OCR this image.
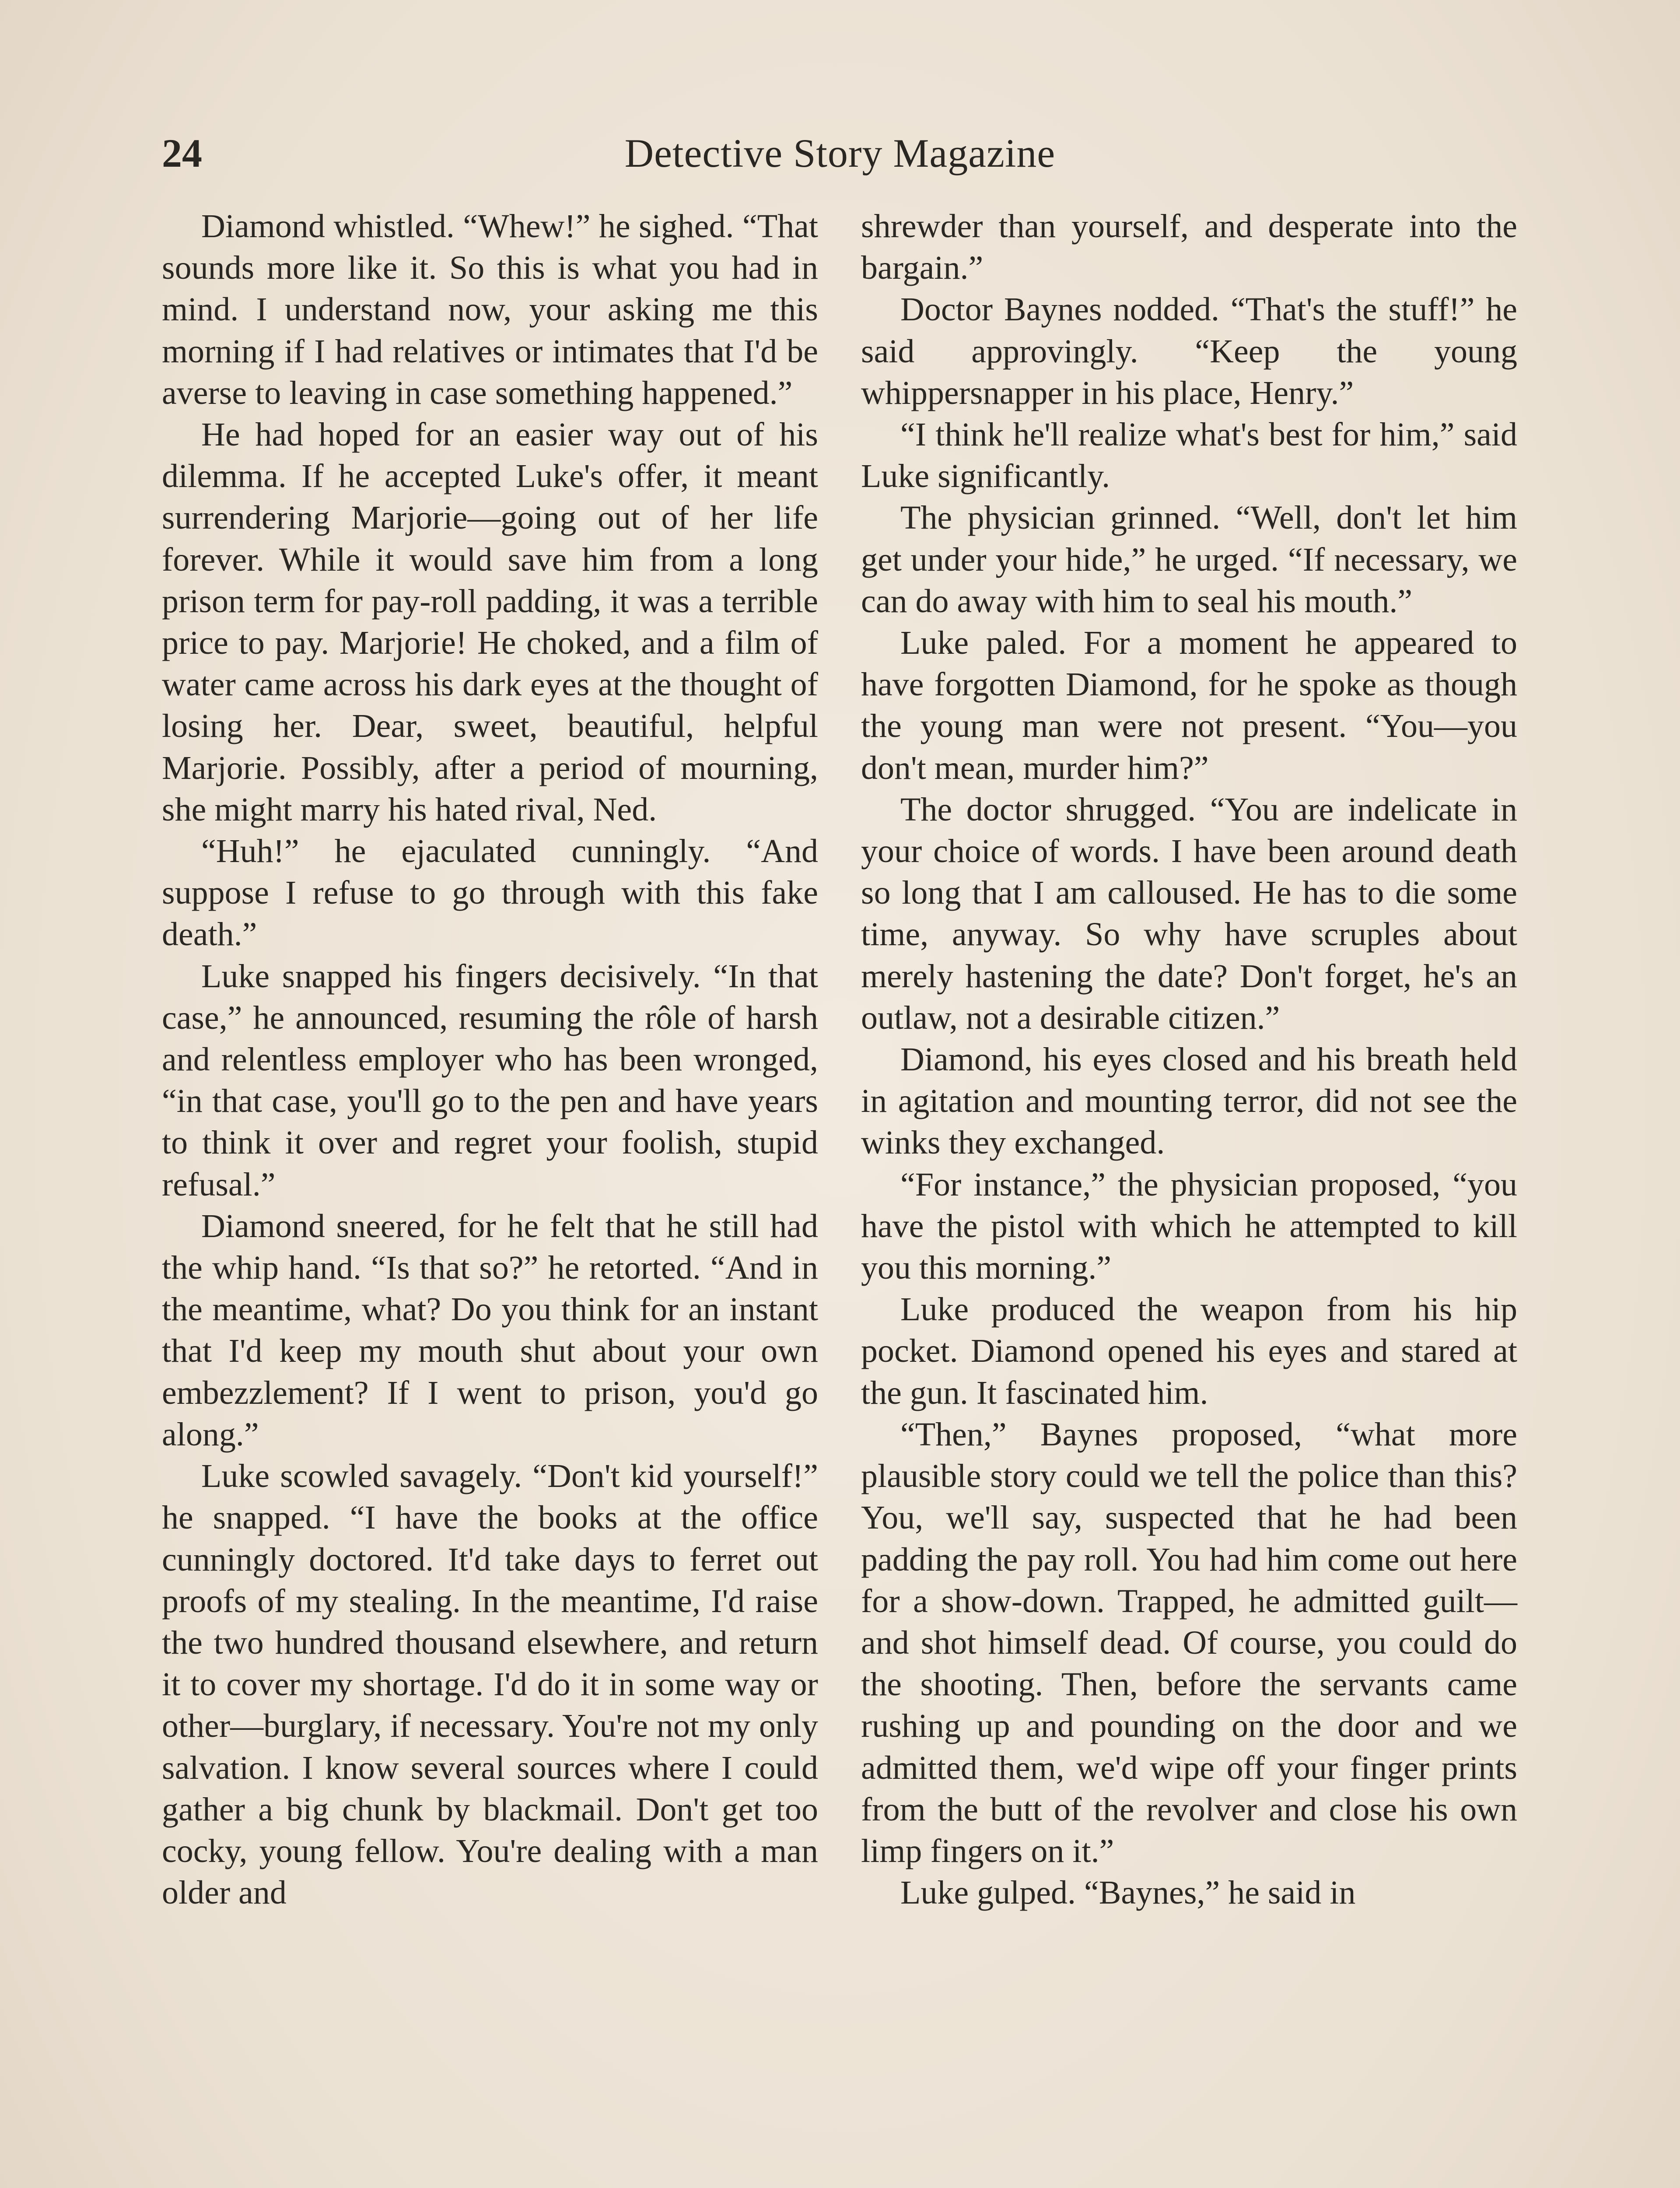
24	Detective Story Magazine

Diamond whistled. “Whew!” he sighed. “That sounds more like it. So this is what you had in mind. I understand now, your asking me this morning if I had relatives or intimates that I'd be averse to leaving in case something happened.”

He had hoped for an easier way out of his dilemma. If he accepted Luke's offer, it meant surrendering Marjorie—going out of her life forever. While it would save him from a long prison term for pay-roll padding, it was a terrible price to pay. Marjorie! He choked, and a film of water came across his dark eyes at the thought of losing her. Dear, sweet, beautiful, helpful Marjorie. Possibly, after a period of mourning, she might marry his hated rival, Ned.

“Huh!” he ejaculated cunningly. “And suppose I refuse to go through with this fake death.”

Luke snapped his fingers decisively. “In that case,” he announced, resuming the rôle of harsh and relentless employer who has been wronged, “in that case, you'll go to the pen and have years to think it over and regret your foolish, stupid refusal.”

Diamond sneered, for he felt that he still had the whip hand. “Is that so?” he retorted. “And in the meantime, what? Do you think for an instant that I'd keep my mouth shut about your own embezzlement? If I went to prison, you'd go along.”

Luke scowled savagely. “Don't kid yourself!” he snapped. “I have the books at the office cunningly doctored. It'd take days to ferret out proofs of my stealing. In the meantime, I'd raise the two hundred thousand elsewhere, and return it to cover my shortage. I'd do it in some way or other—burglary, if necessary. You're not my only salvation. I know several sources where I could gather a big chunk by blackmail. Don't get too cocky, young fellow. You're dealing with a man older and

shrewder than yourself, and desperate into the bargain.”

Doctor Baynes nodded. “That's the stuff!” he said approvingly. “Keep the young whippersnapper in his place, Henry.”

“I think he'll realize what's best for him,” said Luke significantly.

The physician grinned. “Well, don't let him get under your hide,” he urged. “If necessary, we can do away with him to seal his mouth.”

Luke paled. For a moment he appeared to have forgotten Diamond, for he spoke as though the young man were not present. “You—you don't mean, murder him?”

The doctor shrugged. “You are indelicate in your choice of words. I have been around death so long that I am calloused. He has to die some time, anyway. So why have scruples about merely hastening the date? Don't forget, he's an outlaw, not a desirable citizen.”

Diamond, his eyes closed and his breath held in agitation and mounting terror, did not see the winks they exchanged.

“For instance,” the physician proposed, “you have the pistol with which he attempted to kill you this morning.”

Luke produced the weapon from his hip pocket. Diamond opened his eyes and stared at the gun. It fascinated him.

“Then,” Baynes proposed, “what more plausible story could we tell the police than this? You, we'll say, suspected that he had been padding the pay roll. You had him come out here for a show-down. Trapped, he admitted guilt—and shot himself dead. Of course, you could do the shooting. Then, before the servants came rushing up and pounding on the door and we admitted them, we'd wipe off your finger prints from the butt of the revolver and close his own limp fingers on it.”

Luke gulped. “Baynes,” he said in
